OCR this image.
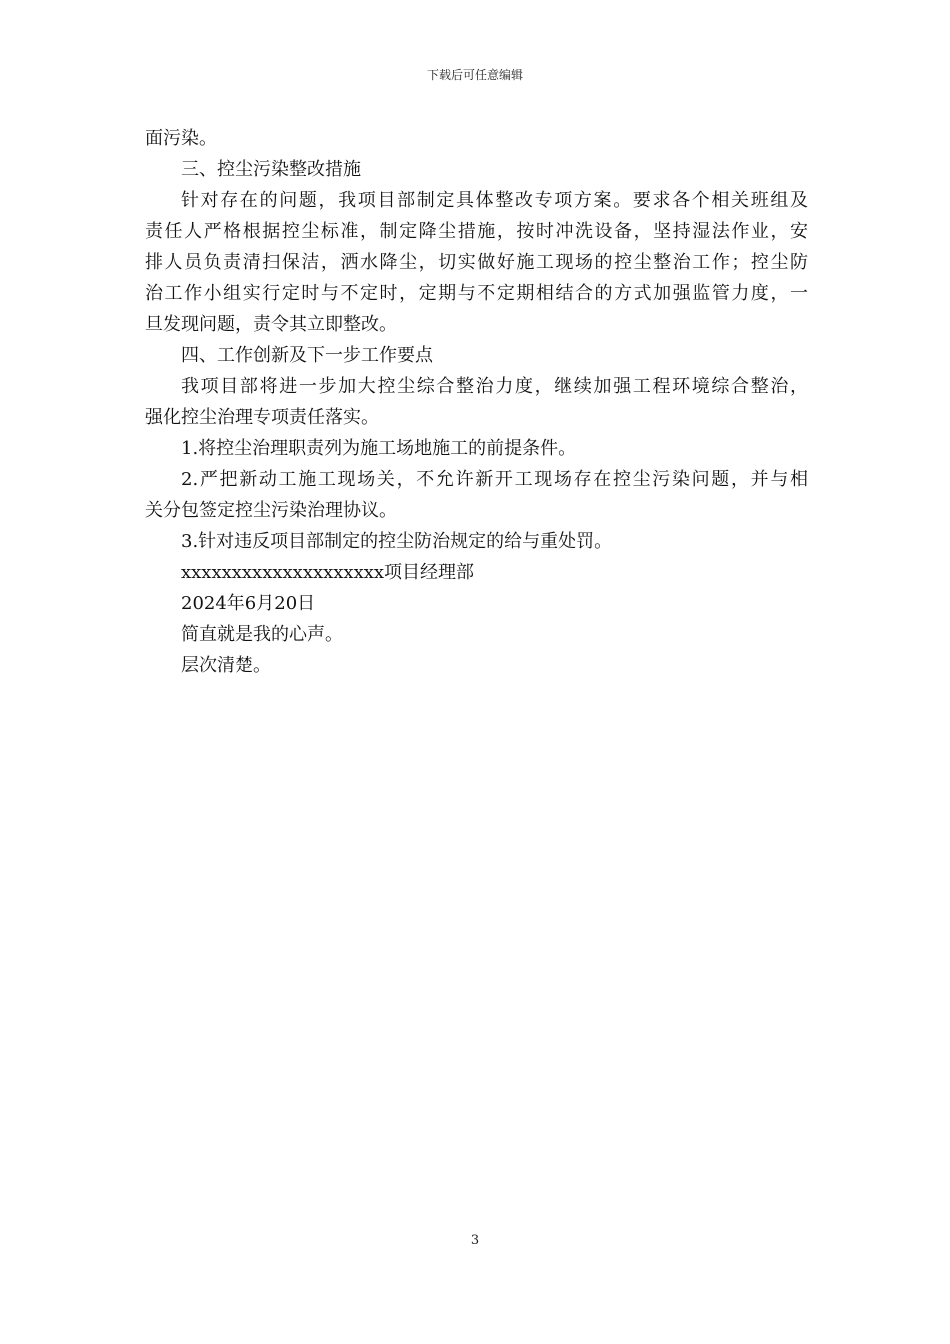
下载后可任意编辑
面污染。
三、控尘污染整改措施
针对存在的问题，我项目部制定具体整改专项方案。要求各个相关班组及
责任人严格根据控尘标准，制定降尘措施，按时冲洗设备，坚持湿法作业，安
排人员负责清扫保洁，洒水降尘，切实做好施工现场的控尘整治工作；控尘防
治工作小组实行定时与不定时，定期与不定期相结合的方式加强监管力度，一
旦发现问题，责令其立即整改。
四、工作创新及下一步工作要点
我项目部将进一步加大控尘综合整治力度，继续加强工程环境综合整治，
强化控尘治理专项责任落实。
1.将控尘治理职责列为施工场地施工的前提条件。
2.严把新动工施工现场关，不允许新开工现场存在控尘污染问题，并与相
关分包签定控尘污染治理协议。
3.针对违反项目部制定的控尘防治规定的给与重处罚。
xxxxxxxxxxxxxxxxxxxx项目经理部
2024年6月20日
简直就是我的心声。
层次清楚。
3
